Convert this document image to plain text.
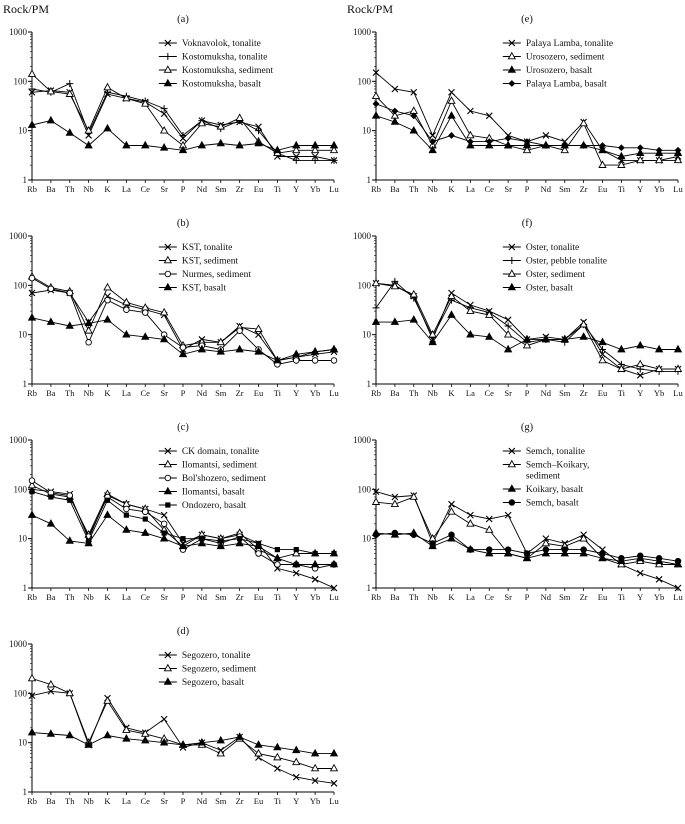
Rock/PM	Rock/PM
1000
100
10
1
Rb Ba Th Nb K La Ce Sr P Nd Sm Zr Eu Ti Y Yb Lu
(a)
Voknavolok, tonalite
Kostomuksha, tonalite
Kostomuksha, sediment
Kostomuksha, basalt
1000
100
10
1
Rb Ba Th Nb K La Ce Sr P Nd Sm Zr Eu Ti Y Yb Lu
(b)
KST, tonalite
KST, sediment
Nurmes, sediment
KST, basalt
1000
100
10
1
Rb Ba Th Nb K La Ce Sr P Nd Sm Zr Eu Ti Y Yb Lu
(c)
CK domain, tonalite
Ilomantsi, sediment
Bol'shozero, sediment
Ilomantsi, basalt
Ondozero, basalt
1000
100
10
1
Rb Ba Th Nb K La Ce Sr P Nd Sm Zr Eu Ti Y Yb Lu
(d)
Segozero, tonalite
Segozero, sediment
Segozero, basalt
1000
100
10
1
Rb Ba Th Nb K La Ce Sr P Nd Sm Zr Eu Ti Y Yb Lu
(e)
Palaya Lamba, tonalite
Urosozero, sediment
Urosozero, basalt
Palaya Lamba, basalt
1000
100
10
1
Rb Ba Th Nb K La Ce Sr P Nd Sm Zr Eu Ti Y Yb Lu
(f)
Oster, tonalite
Oster, pebble tonalite
Oster, sediment
Oster, basalt
1000
100
10
1
Rb Ba Th Nb K La Ce Sr P Nd Sm Zr Eu Ti Y Yb Lu
(g)
Semch, tonalite
Semch–Koikary,
sediment
Koikary, basalt
Semch, basalt
